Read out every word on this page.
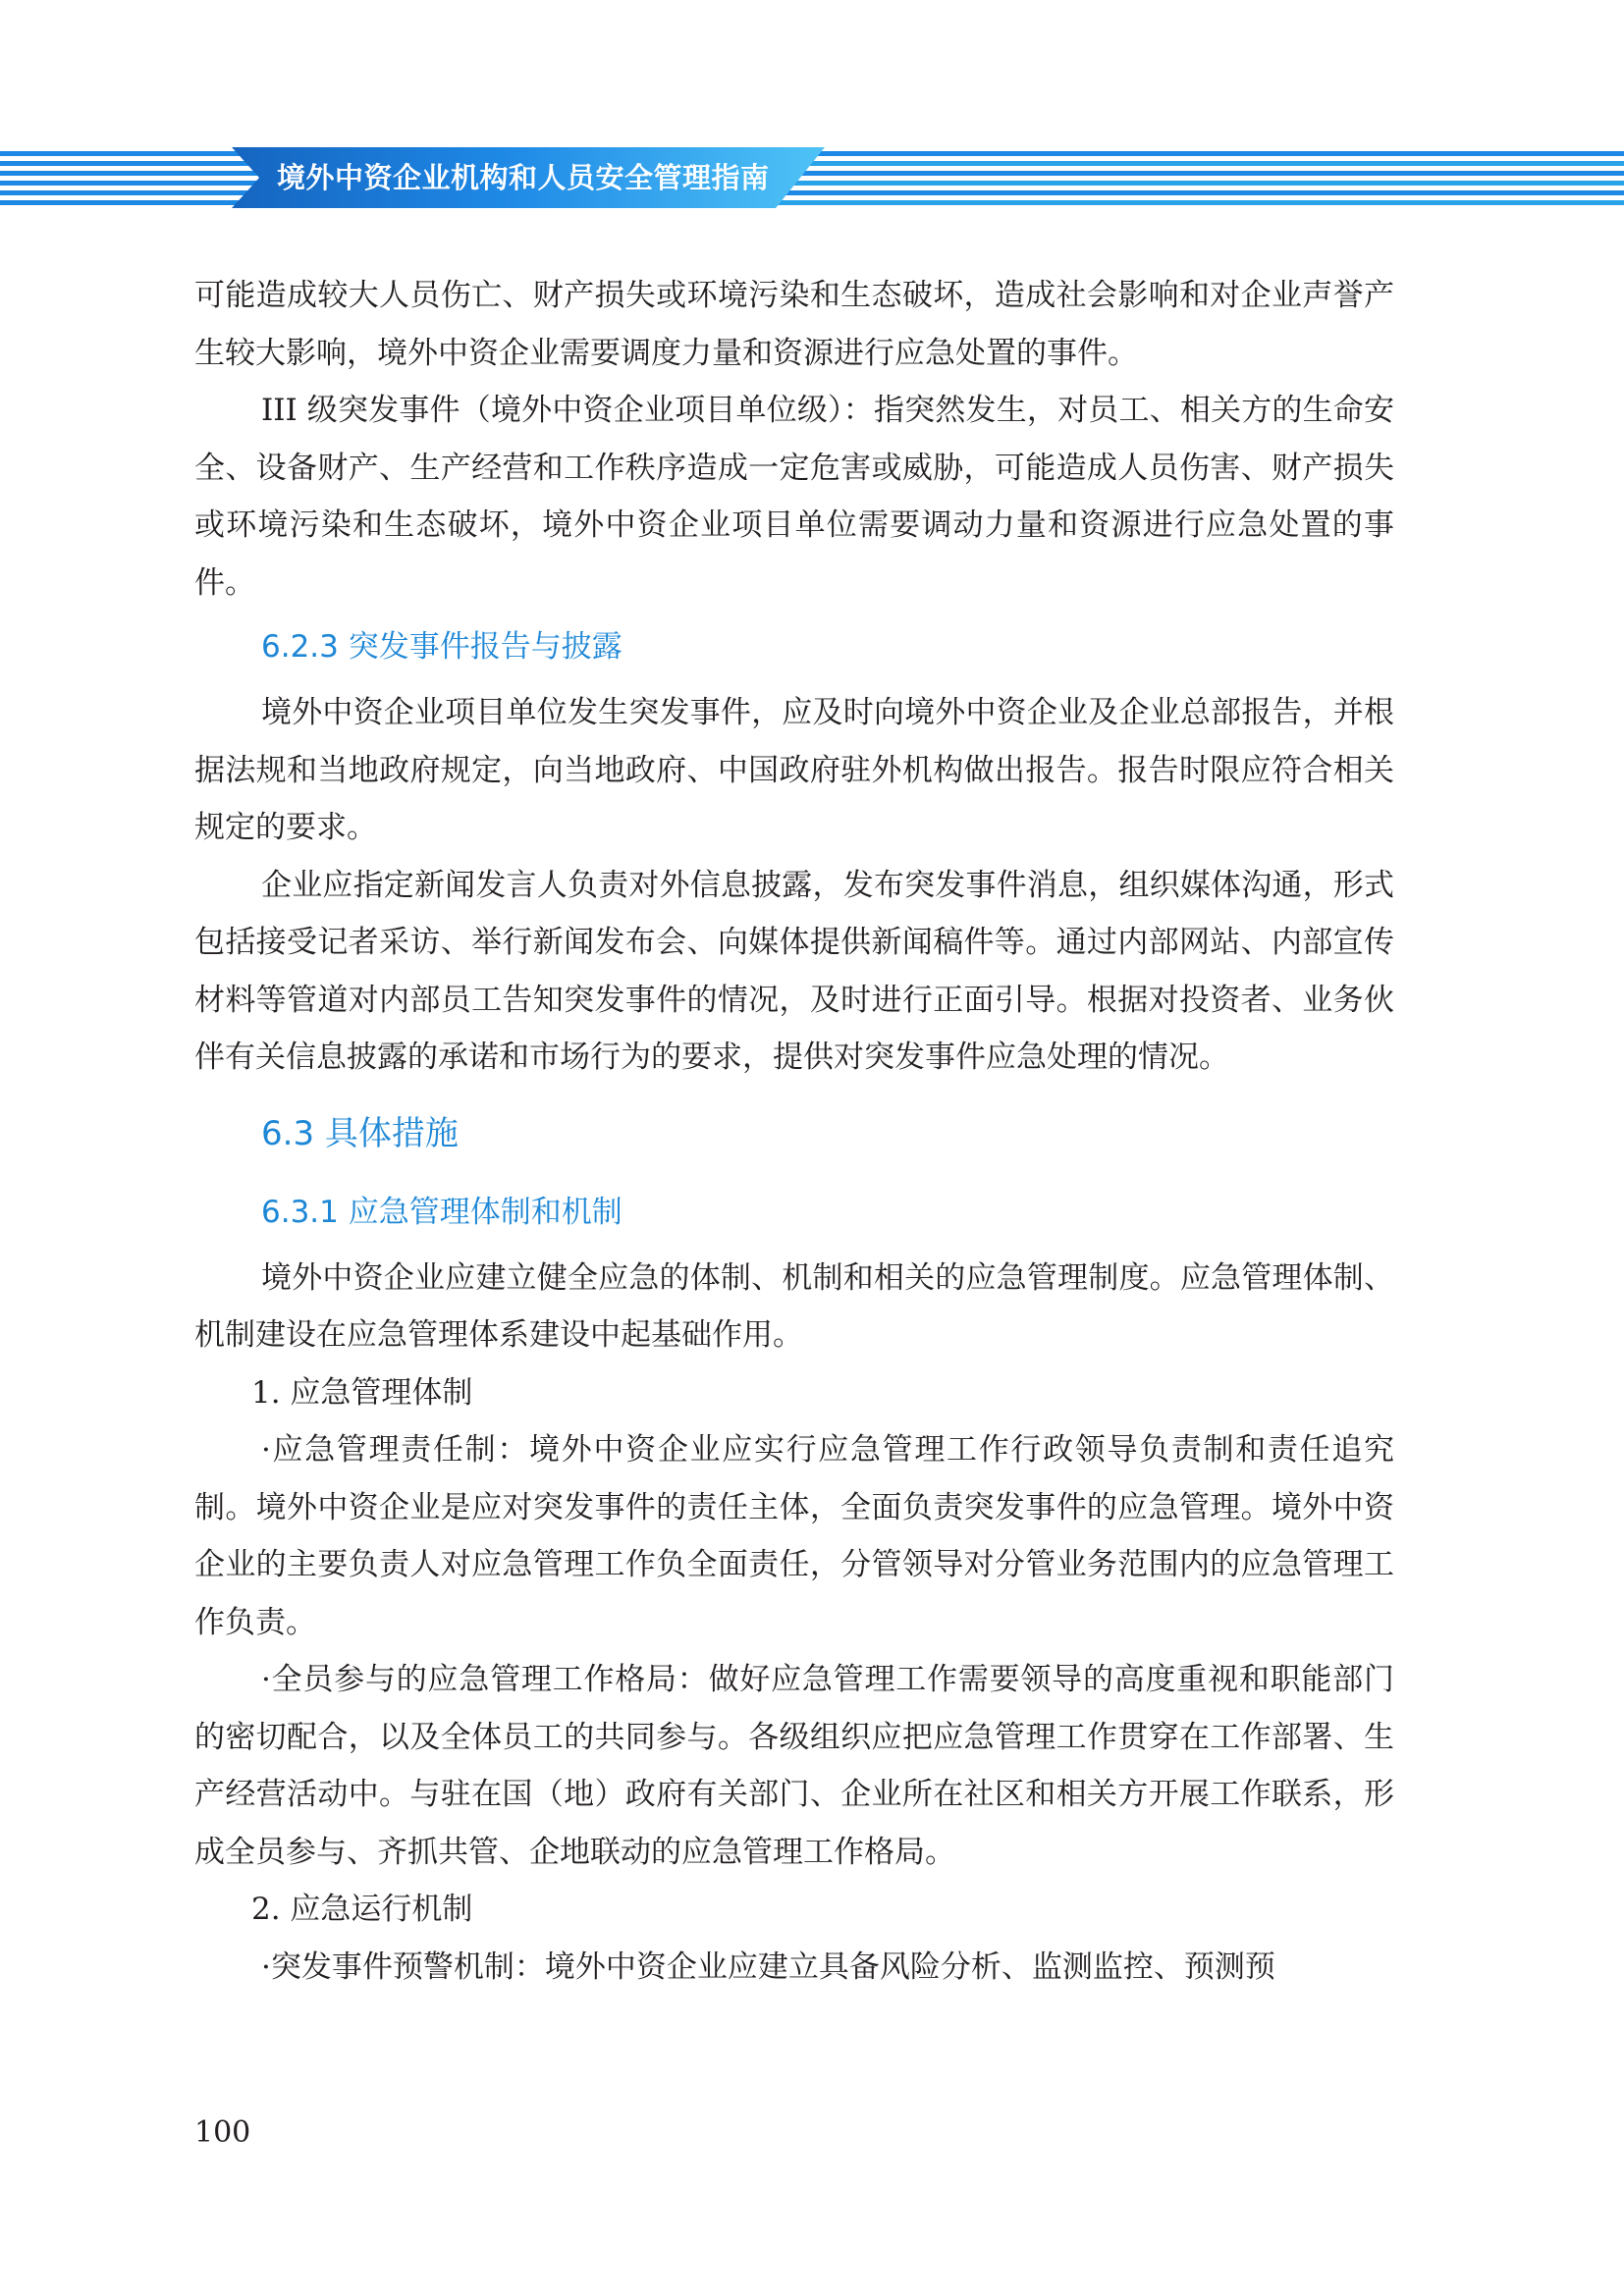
境外中资企业机构和人员安全管理指南

可能造成较大人员伤亡、财产损失或环境污染和生态破坏，造成社会影响和对企业声誉产生较大影响，境外中资企业需要调度力量和资源进行应急处置的事件。

III 级突发事件（境外中资企业项目单位级）：指突然发生，对员工、相关方的生命安全、设备财产、生产经营和工作秩序造成一定危害或威胁，可能造成人员伤害、财产损失或环境污染和生态破坏，境外中资企业项目单位需要调动力量和资源进行应急处置的事件。

6.2.3 突发事件报告与披露

境外中资企业项目单位发生突发事件，应及时向境外中资企业及企业总部报告，并根据法规和当地政府规定，向当地政府、中国政府驻外机构做出报告。报告时限应符合相关规定的要求。

企业应指定新闻发言人负责对外信息披露，发布突发事件消息，组织媒体沟通，形式包括接受记者采访、举行新闻发布会、向媒体提供新闻稿件等。通过内部网站、内部宣传材料等管道对内部员工告知突发事件的情况，及时进行正面引导。根据对投资者、业务伙伴有关信息披露的承诺和市场行为的要求，提供对突发事件应急处理的情况。

6.3 具体措施

6.3.1 应急管理体制和机制

境外中资企业应建立健全应急的体制、机制和相关的应急管理制度。应急管理体制、机制建设在应急管理体系建设中起基础作用。

1. 应急管理体制

·应急管理责任制：境外中资企业应实行应急管理工作行政领导负责制和责任追究制。境外中资企业是应对突发事件的责任主体，全面负责突发事件的应急管理。境外中资企业的主要负责人对应急管理工作负全面责任，分管领导对分管业务范围内的应急管理工作负责。

·全员参与的应急管理工作格局：做好应急管理工作需要领导的高度重视和职能部门的密切配合，以及全体员工的共同参与。各级组织应把应急管理工作贯穿在工作部署、生产经营活动中。与驻在国（地）政府有关部门、企业所在社区和相关方开展工作联系，形成全员参与、齐抓共管、企地联动的应急管理工作格局。

2. 应急运行机制

·突发事件预警机制：境外中资企业应建立具备风险分析、监测监控、预测预

100
